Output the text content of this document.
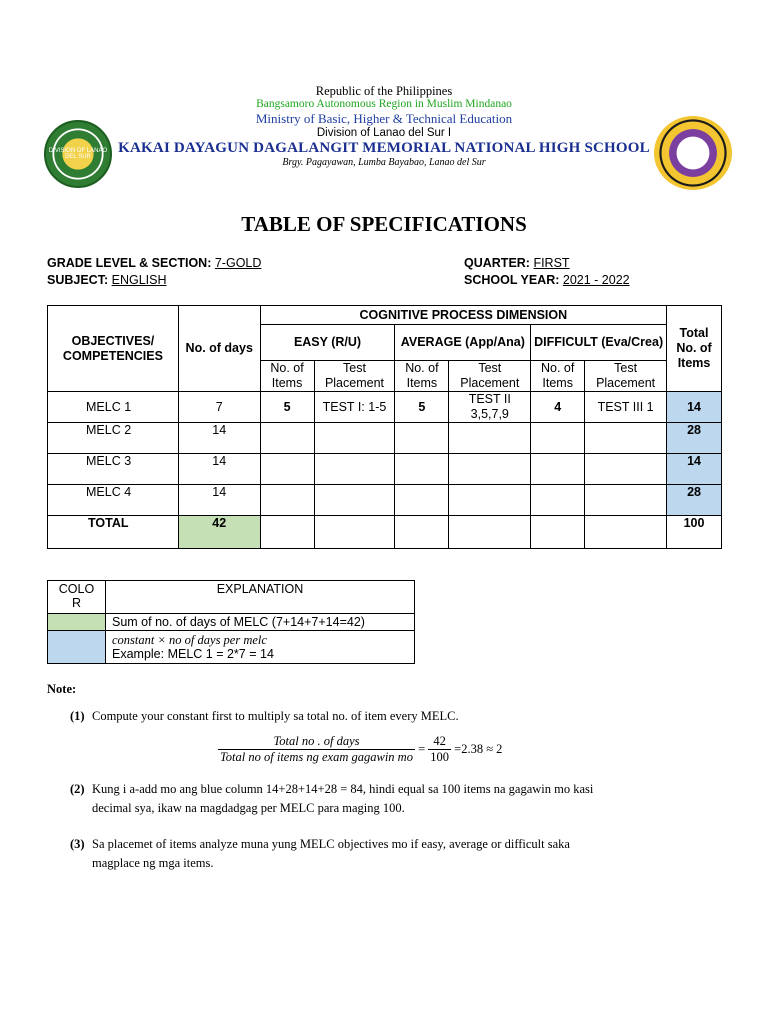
DIVISION OF LANAO DEL SUR
Republic of the Philippines
Bangsamoro Autonomous Region in Muslim Mindanao
Ministry of Basic, Higher & Technical Education
Division of Lanao del Sur I
KAKAI DAYAGUN DAGALANGIT MEMORIAL NATIONAL HIGH SCHOOL
Brgy. Pagayawan, Lumba Bayabao, Lanao del Sur
TABLE OF SPECIFICATIONS
GRADE LEVEL & SECTION: 7-GOLD
SUBJECT: ENGLISH
QUARTER: FIRST
SCHOOL YEAR: 2021 - 2022
OBJECTIVES/ COMPETENCIES	No. of days	COGNITIVE PROCESS DIMENSION						Total No. of Items
		EASY (R/U)		AVERAGE (App/Ana)		DIFFICULT (Eva/Crea)		
		No. of Items	Test Placement	No. of Items	Test Placement	No. of Items	Test Placement	
MELC 1	7	5	TEST I: 1-5	5	TEST II 3,5,7,9	4	TEST III 1	14
MELC 2	14							28
MELC 3	14							14
MELC 4	14							28
TOTAL	42							100
COLO R	EXPLANATION
	Sum of no. of days of MELC (7+14+7+14=42)

	constant × no of days per melc
Example: MELC 1 = 2*7 = 14
Note:
(1) Compute your constant first to multiply sa total no. of item every MELC.
$\frac{\text{Total no . of days}}{\text{Total no of items ng exam gagawin mo}} = \frac{42}{100} =2.38 \approx 2$
(2) Kung i a-add mo ang blue column 14+28+14+28 = 84, hindi equal sa 100 items na gagawin mo kasi
decimal sya, ikaw na magdadgag per MELC para maging 100.
(3) Sa placemet of items analyze muna yung MELC objectives mo if easy, average or difficult saka
magplace ng mga items.
